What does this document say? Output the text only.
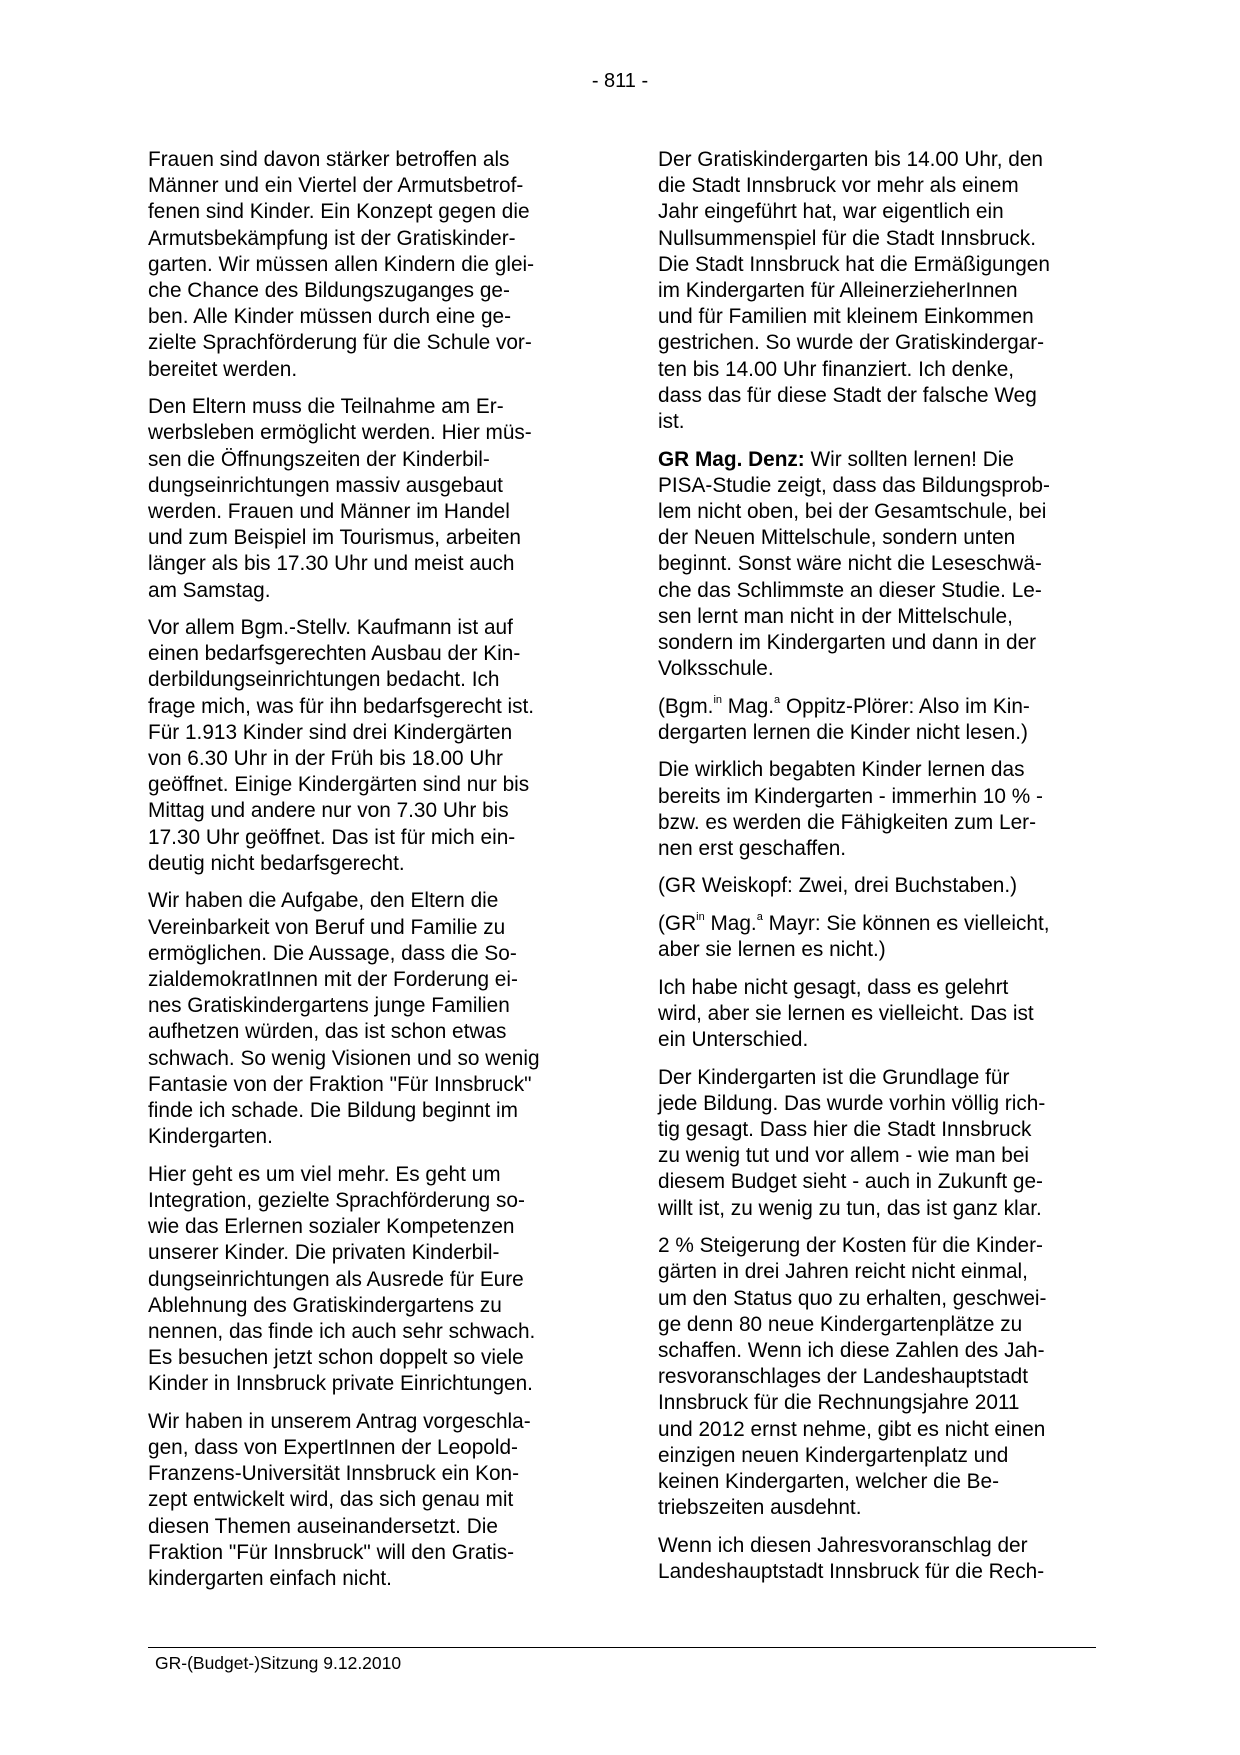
- 811 -

Frauen sind davon stärker betroffen als
Männer und ein Viertel der Armutsbetrof-
fenen sind Kinder. Ein Konzept gegen die
Armutsbekämpfung ist der Gratiskinder-
garten. Wir müssen allen Kindern die glei-
che Chance des Bildungszuganges ge-
ben. Alle Kinder müssen durch eine ge-
zielte Sprachförderung für die Schule vor-
bereitet werden.

Den Eltern muss die Teilnahme am Er-
werbsleben ermöglicht werden. Hier müs-
sen die Öffnungszeiten der Kinderbil-
dungseinrichtungen massiv ausgebaut
werden. Frauen und Männer im Handel
und zum Beispiel im Tourismus, arbeiten
länger als bis 17.30 Uhr und meist auch
am Samstag.

Vor allem Bgm.-Stellv. Kaufmann ist auf
einen bedarfsgerechten Ausbau der Kin-
derbildungseinrichtungen bedacht. Ich
frage mich, was für ihn bedarfsgerecht ist.
Für 1.913 Kinder sind drei Kindergärten
von 6.30 Uhr in der Früh bis 18.00 Uhr
geöffnet. Einige Kindergärten sind nur bis
Mittag und andere nur von 7.30 Uhr bis
17.30 Uhr geöffnet. Das ist für mich ein-
deutig nicht bedarfsgerecht.

Wir haben die Aufgabe, den Eltern die
Vereinbarkeit von Beruf und Familie zu
ermöglichen. Die Aussage, dass die So-
zialdemokratInnen mit der Forderung ei-
nes Gratiskindergartens junge Familien
aufhetzen würden, das ist schon etwas
schwach. So wenig Visionen und so wenig
Fantasie von der Fraktion "Für Innsbruck"
finde ich schade. Die Bildung beginnt im
Kindergarten.

Hier geht es um viel mehr. Es geht um
Integration, gezielte Sprachförderung so-
wie das Erlernen sozialer Kompetenzen
unserer Kinder. Die privaten Kinderbil-
dungseinrichtungen als Ausrede für Eure
Ablehnung des Gratiskindergartens zu
nennen, das finde ich auch sehr schwach.
Es besuchen jetzt schon doppelt so viele
Kinder in Innsbruck private Einrichtungen.

Wir haben in unserem Antrag vorgeschla-
gen, dass von ExpertInnen der Leopold-
Franzens-Universität Innsbruck ein Kon-
zept entwickelt wird, das sich genau mit
diesen Themen auseinandersetzt. Die
Fraktion "Für Innsbruck" will den Gratis-
kindergarten einfach nicht.

Der Gratiskindergarten bis 14.00 Uhr, den
die Stadt Innsbruck vor mehr als einem
Jahr eingeführt hat, war eigentlich ein
Nullsummenspiel für die Stadt Innsbruck.
Die Stadt Innsbruck hat die Ermäßigungen
im Kindergarten für AlleinerzieherInnen
und für Familien mit kleinem Einkommen
gestrichen. So wurde der Gratiskindergar-
ten bis 14.00 Uhr finanziert. Ich denke,
dass das für diese Stadt der falsche Weg
ist.

GR Mag. Denz: Wir sollten lernen! Die
PISA-Studie zeigt, dass das Bildungsprob-
lem nicht oben, bei der Gesamtschule, bei
der Neuen Mittelschule, sondern unten
beginnt. Sonst wäre nicht die Leseschwä-
che das Schlimmste an dieser Studie. Le-
sen lernt man nicht in der Mittelschule,
sondern im Kindergarten und dann in der
Volksschule.

(Bgm.$^{in}$ Mag.$^a$ Oppitz-Plörer: Also im Kin-
dergarten lernen die Kinder nicht lesen.)

Die wirklich begabten Kinder lernen das
bereits im Kindergarten - immerhin 10 % -
bzw. es werden die Fähigkeiten zum Ler-
nen erst geschaffen.

(GR Weiskopf: Zwei, drei Buchstaben.)

($GR^{in}$ Mag.$^a$ Mayr: Sie können es vielleicht,
aber sie lernen es nicht.)

Ich habe nicht gesagt, dass es gelehrt
wird, aber sie lernen es vielleicht. Das ist
ein Unterschied.

Der Kindergarten ist die Grundlage für
jede Bildung. Das wurde vorhin völlig rich-
tig gesagt. Dass hier die Stadt Innsbruck
zu wenig tut und vor allem - wie man bei
diesem Budget sieht - auch in Zukunft ge-
willt ist, zu wenig zu tun, das ist ganz klar.

2 % Steigerung der Kosten für die Kinder-
gärten in drei Jahren reicht nicht einmal,
um den Status quo zu erhalten, geschwei-
ge denn 80 neue Kindergartenplätze zu
schaffen. Wenn ich diese Zahlen des Jah-
resvoranschlages der Landeshauptstadt
Innsbruck für die Rechnungsjahre 2011
und 2012 ernst nehme, gibt es nicht einen
einzigen neuen Kindergartenplatz und
keinen Kindergarten, welcher die Be-
triebszeiten ausdehnt.

Wenn ich diesen Jahresvoranschlag der
Landeshauptstadt Innsbruck für die Rech-

GR-(Budget-)Sitzung 9.12.2010
